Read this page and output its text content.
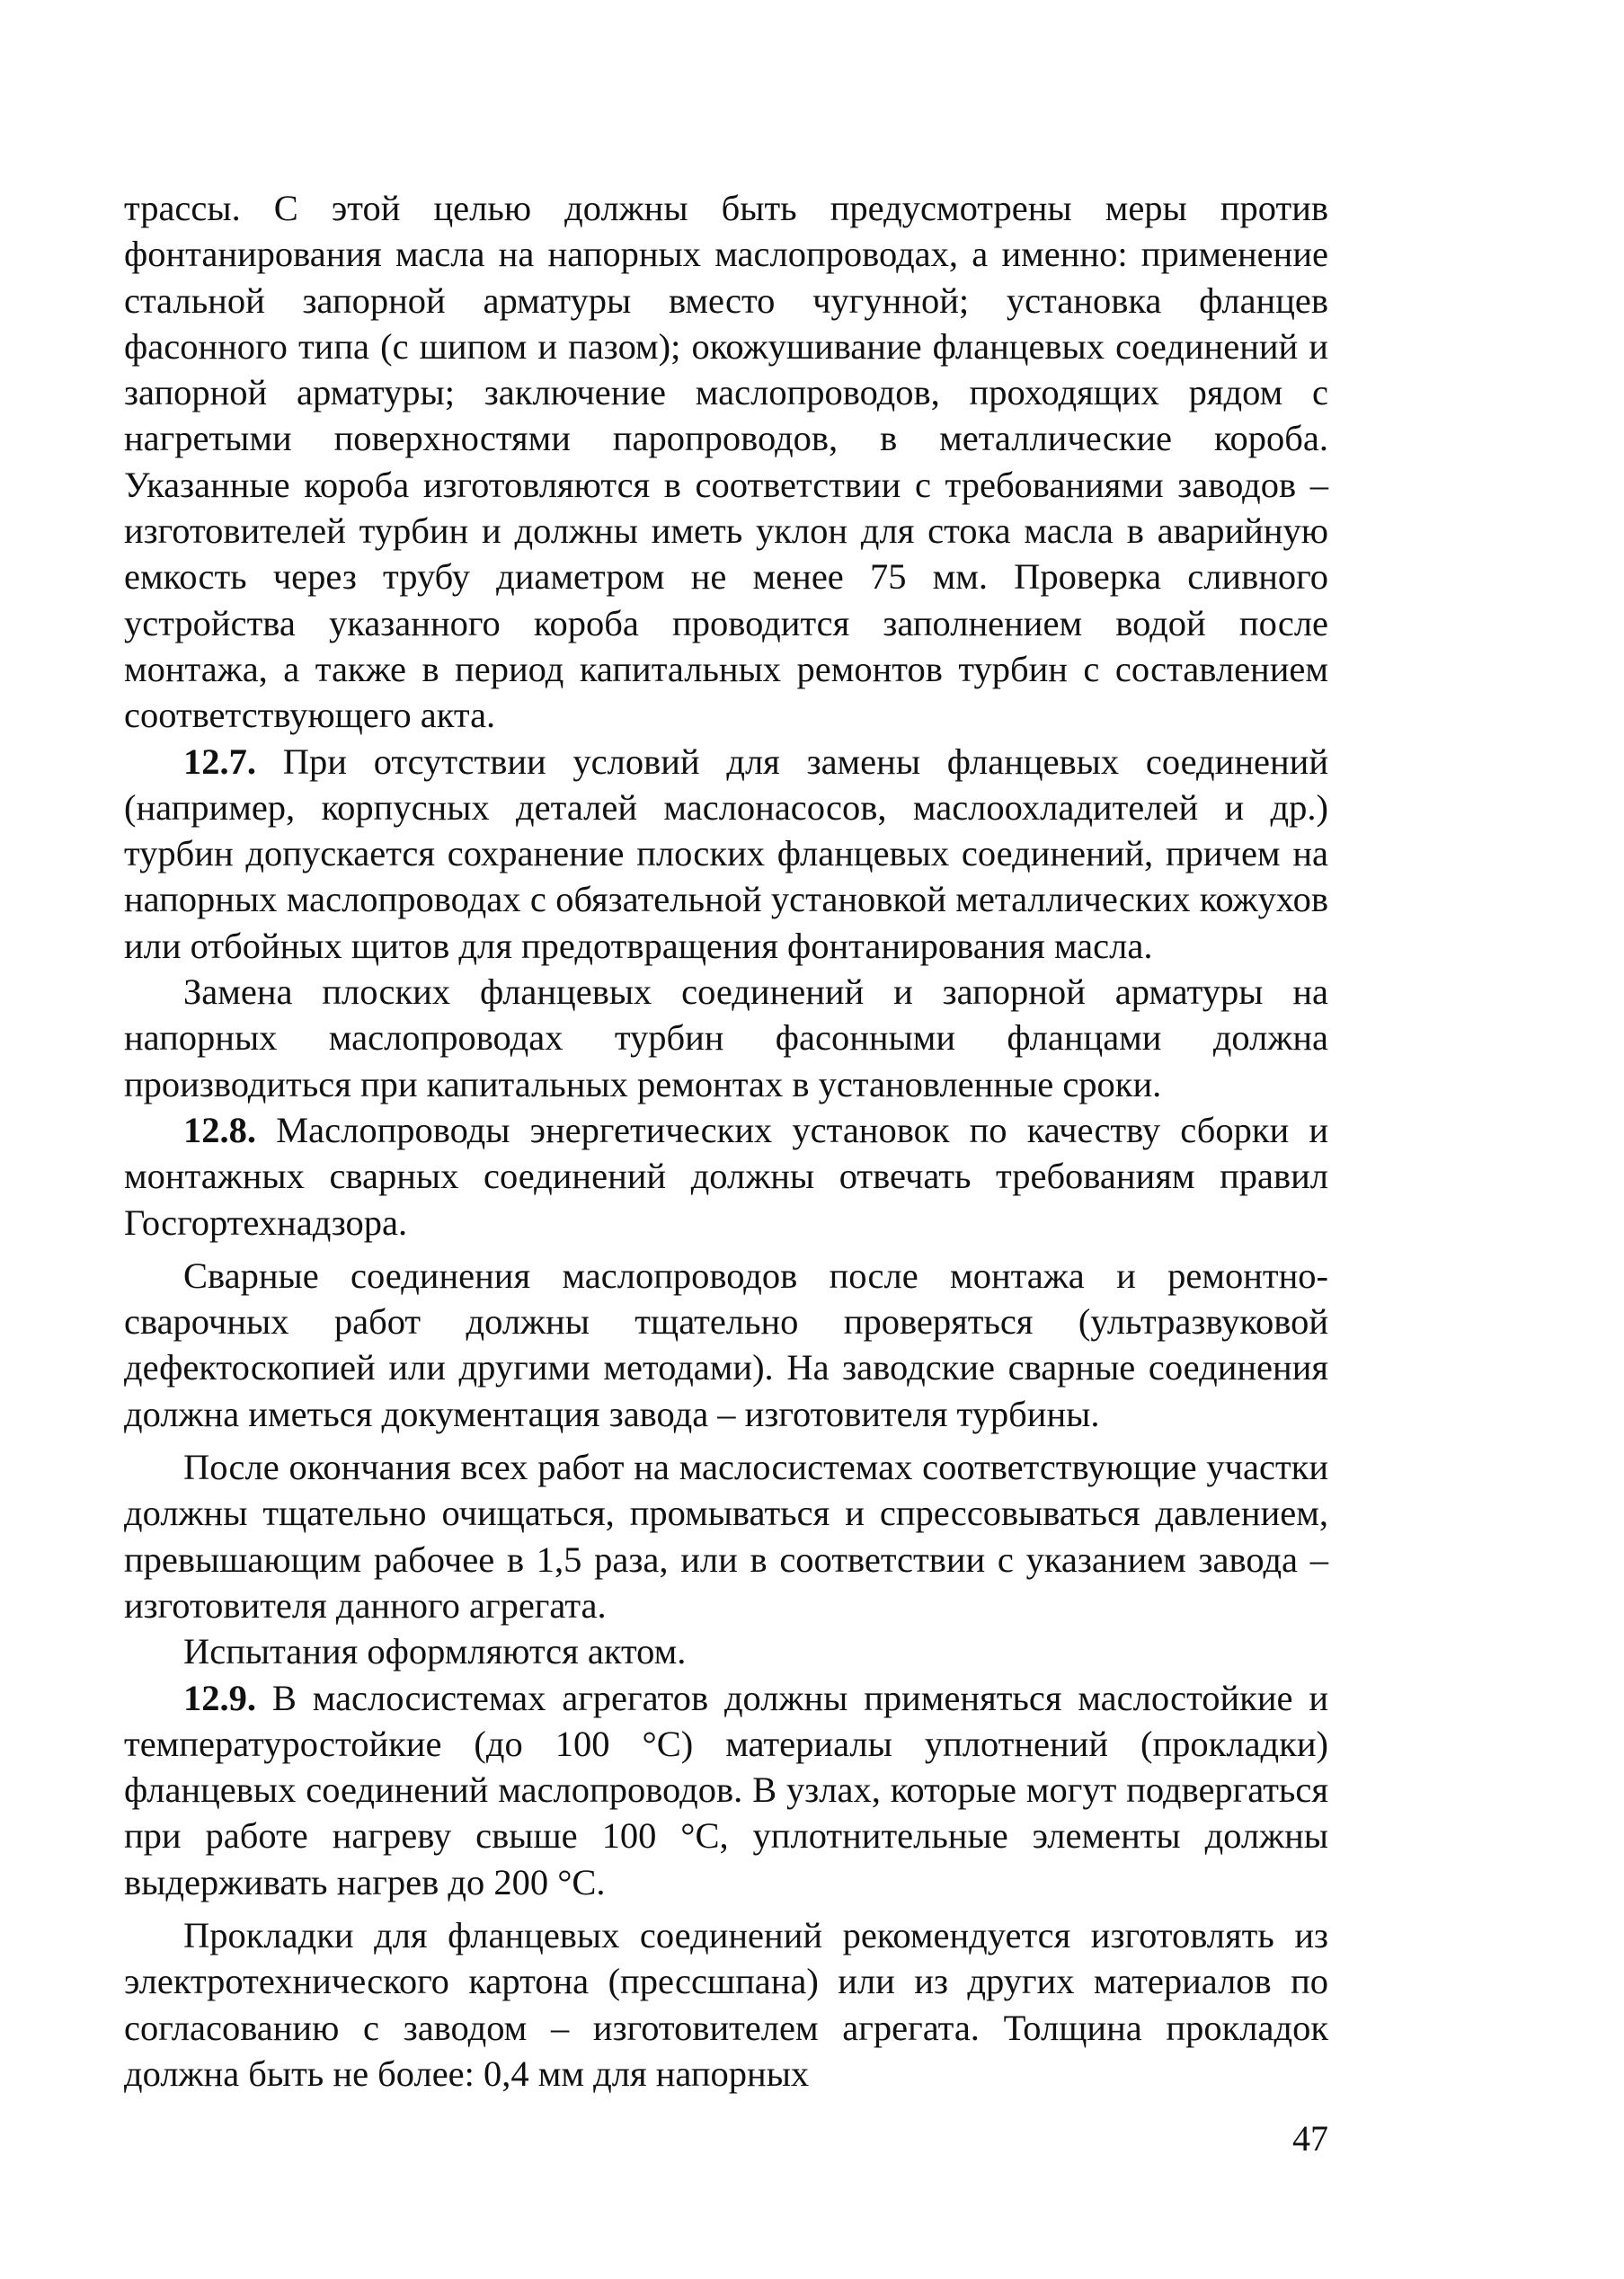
трассы. С этой целью должны быть предусмотрены меры против фонтанирования масла на напорных маслопроводах, а именно: применение стальной запорной арматуры вместо чугунной; установка фланцев фасонного типа (с шипом и пазом); окожушивание фланцевых соединений и запорной арматуры; заключение маслопроводов, проходящих рядом с нагретыми поверхностями паропроводов, в металлические короба. Указанные короба изготовляются в соответствии с требованиями заводов – изготовителей турбин и должны иметь уклон для стока масла в аварийную емкость через трубу диаметром не менее 75 мм. Проверка сливного устройства указанного короба проводится заполнением водой после монтажа, а также в период капитальных ремонтов турбин с составлением соответствующего акта.

12.7. При отсутствии условий для замены фланцевых соединений (например, корпусных деталей маслонасосов, маслоохладителей и др.) турбин допускается сохранение плоских фланцевых соединений, причем на напорных маслопроводах с обязательной установкой металлических кожухов или отбойных щитов для предотвращения фонтанирования масла.

Замена плоских фланцевых соединений и запорной арматуры на напорных маслопроводах турбин фасонными фланцами должна производиться при капитальных ремонтах в установленные сроки.

12.8. Маслопроводы энергетических установок по качеству сборки и монтажных сварных соединений должны отвечать требованиям правил Госгортехнадзора.

Сварные соединения маслопроводов после монтажа и ремонтно-сварочных работ должны тщательно проверяться (ультразвуковой дефектоскопией или другими методами). На заводские сварные соединения должна иметься документация завода – изготовителя турбины.

После окончания всех работ на маслосистемах соответствующие участки должны тщательно очищаться, промываться и спрессовываться давлением, превышающим рабочее в 1,5 раза, или в соответствии с указанием завода – изготовителя данного агрегата.

Испытания оформляются актом.

12.9. В маслосистемах агрегатов должны применяться маслостойкие и температуростойкие (до 100 °С) материалы уплотнений (прокладки) фланцевых соединений маслопроводов. В узлах, которые могут подвергаться при работе нагреву свыше 100 °С, уплотнительные элементы должны выдерживать нагрев до 200 °С.

Прокладки для фланцевых соединений рекомендуется изготовлять из электротехнического картона (прессшпана) или из других материалов по согласованию с заводом – изготовителем агрегата. Толщина прокладок должна быть не более: 0,4 мм для напорных

47
